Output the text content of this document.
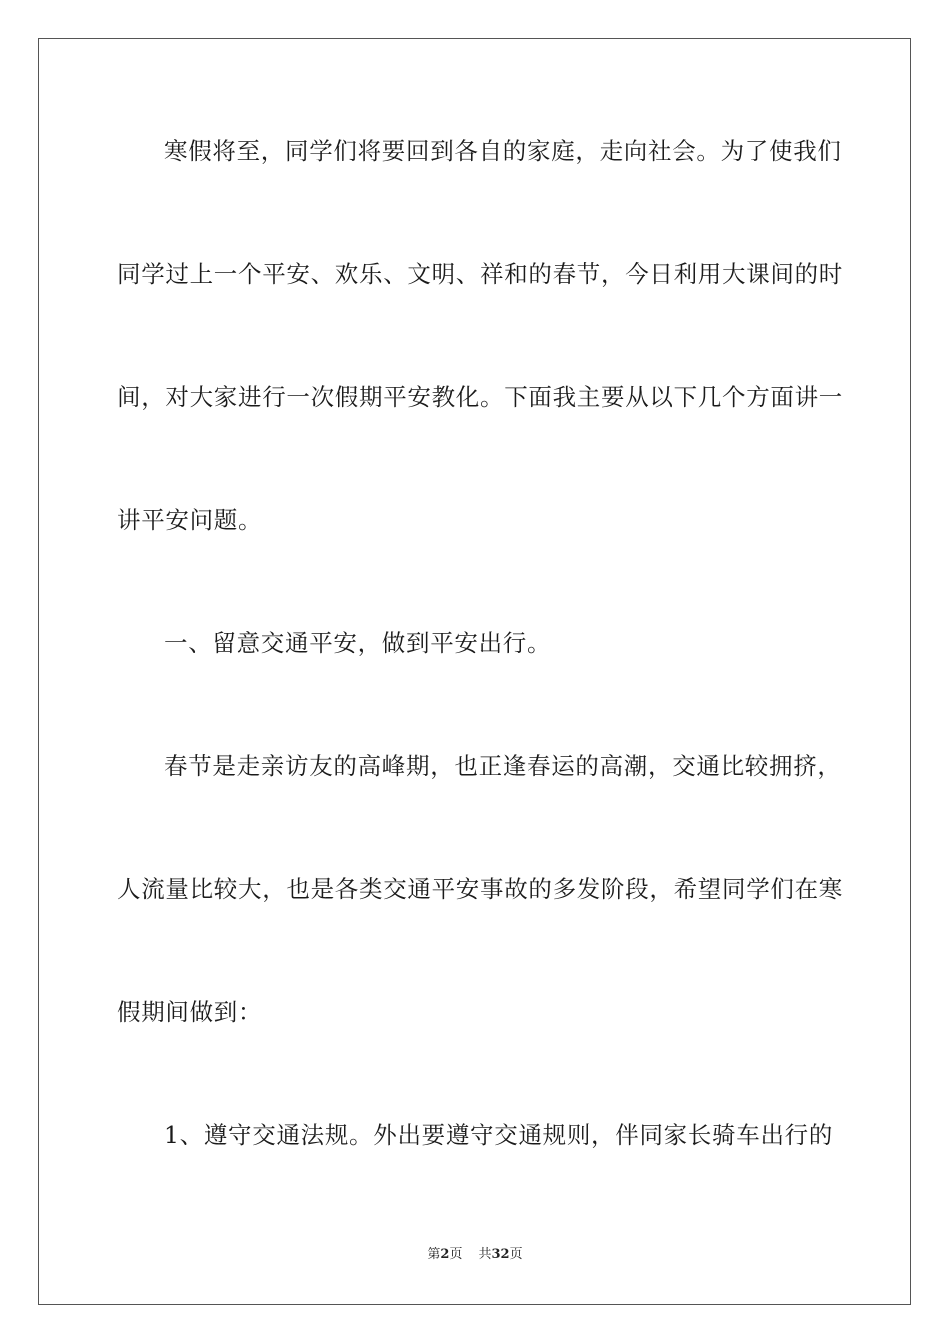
寒假将至，同学们将要回到各自的家庭，走向社会。为了使我们
同学过上一个平安、欢乐、文明、祥和的春节，今日利用大课间的时
间，对大家进行一次假期平安教化。下面我主要从以下几个方面讲一
讲平安问题。
一、留意交通平安，做到平安出行。
春节是走亲访友的高峰期，也正逢春运的高潮，交通比较拥挤，
人流量比较大，也是各类交通平安事故的多发阶段，希望同学们在寒
假期间做到：
1、遵守交通法规。外出要遵守交通规则，伴同家长骑车出行的
第2页 共32页
